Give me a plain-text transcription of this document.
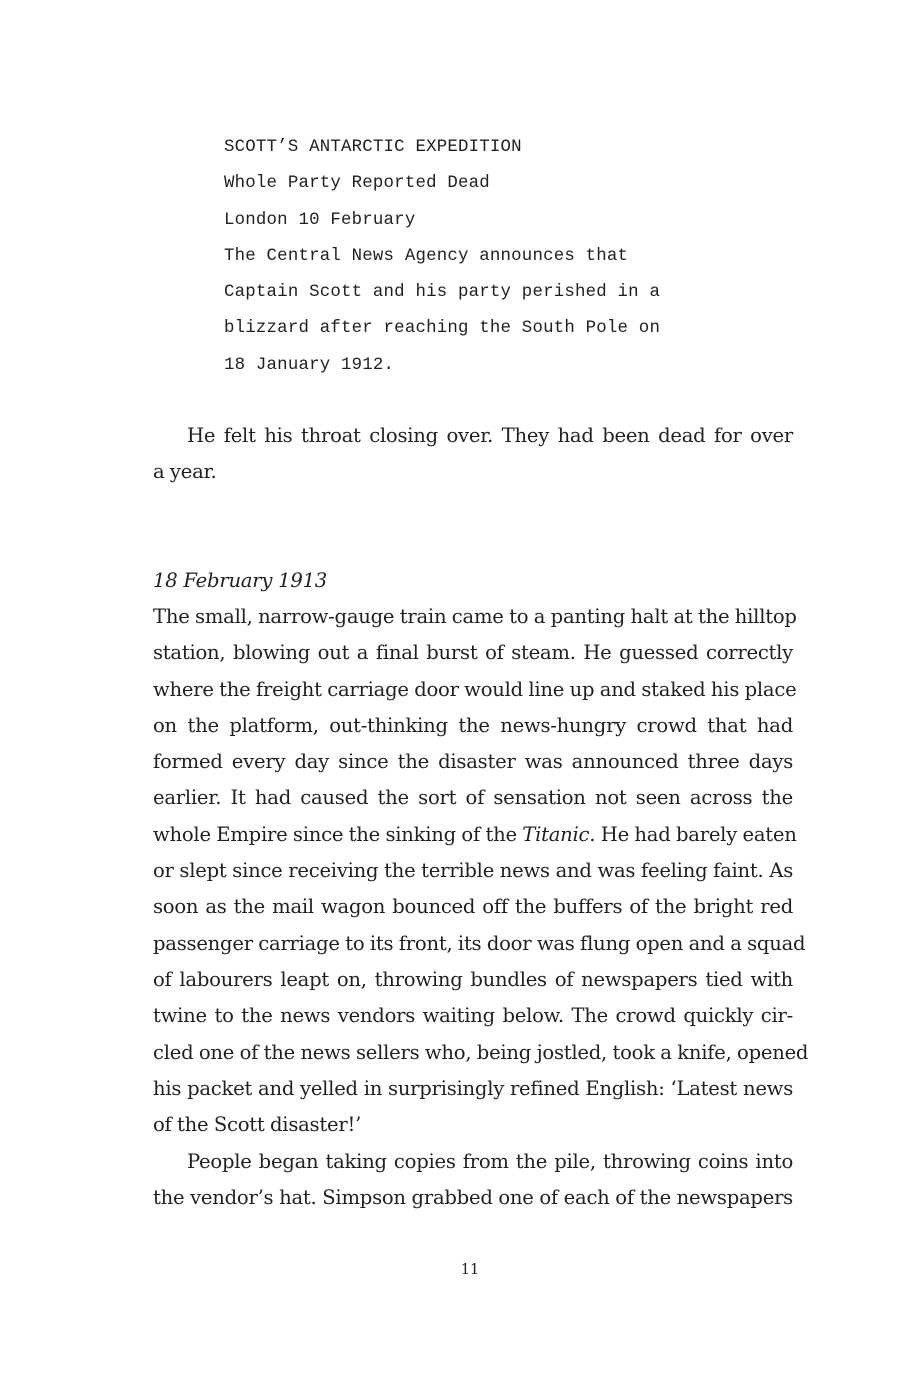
SCOTT’S ANTARCTIC EXPEDITION
Whole Party Reported Dead
London 10 February
The Central News Agency announces that
Captain Scott and his party perished in a
blizzard after reaching the South Pole on
18 January 1912.
He felt his throat closing over. They had been dead for over
a year.
18 February 1913
The small, narrow-gauge train came to a panting halt at the hilltop
station, blowing out a final burst of steam. He guessed correctly
where the freight carriage door would line up and staked his place
on the platform, out-thinking the news-hungry crowd that had
formed every day since the disaster was announced three days
earlier. It had caused the sort of sensation not seen across the
whole Empire since the sinking of the Titanic. He had barely eaten
or slept since receiving the terrible news and was feeling faint. As
soon as the mail wagon bounced off the buffers of the bright red
passenger carriage to its front, its door was flung open and a squad
of labourers leapt on, throwing bundles of newspapers tied with
twine to the news vendors waiting below. The crowd quickly cir-
cled one of the news sellers who, being jostled, took a knife, opened
his packet and yelled in surprisingly refined English: ‘Latest news
of the Scott disaster!’
People began taking copies from the pile, throwing coins into
the vendor’s hat. Simpson grabbed one of each of the newspapers
11
